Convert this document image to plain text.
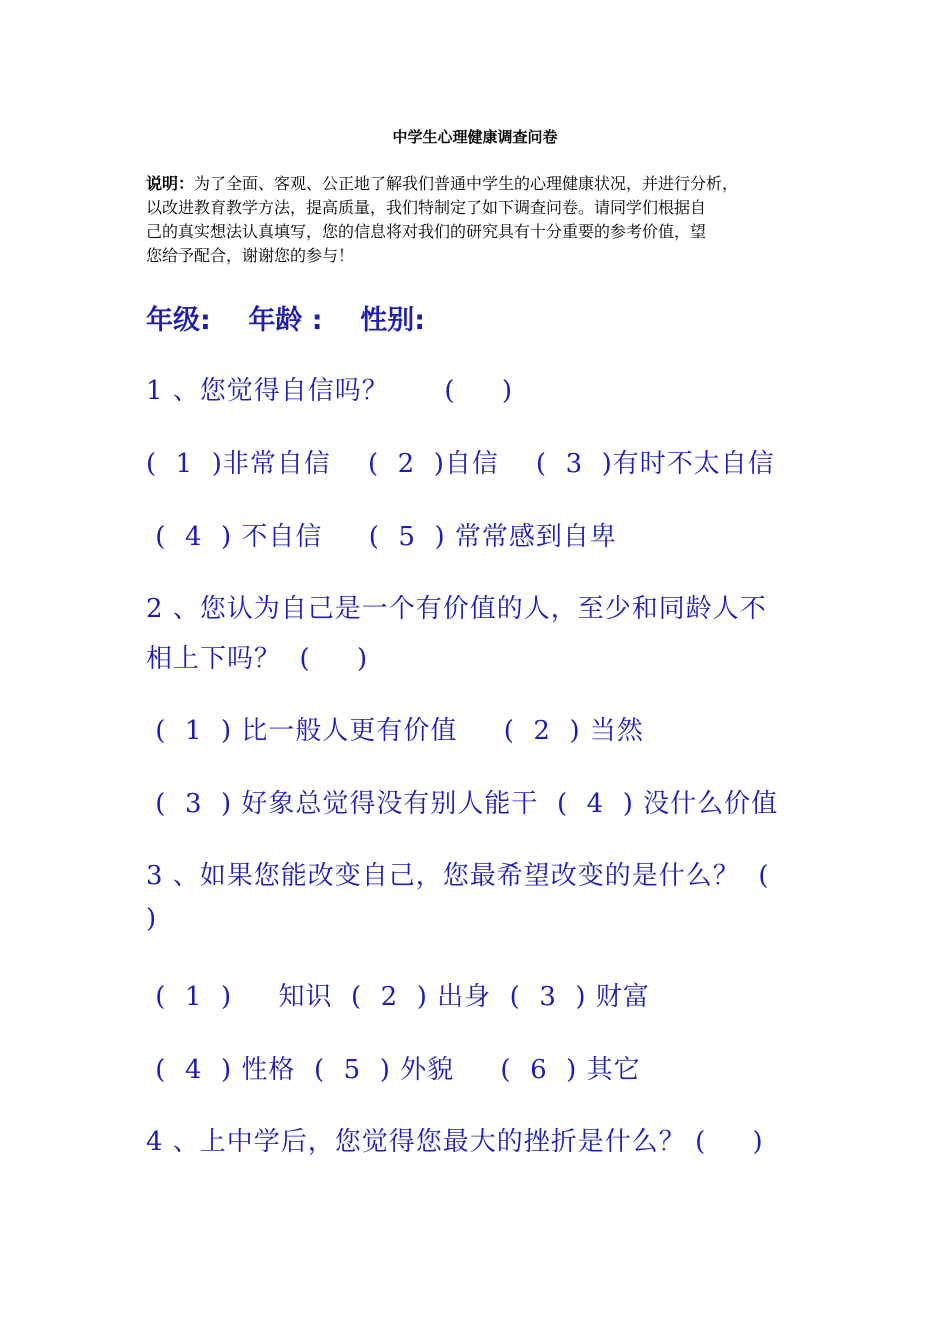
中学生心理健康调查问卷
说明：为了全面、客观、公正地了解我们普通中学生的心理健康状况，并进行分析，
以改进教育教学方法，提高质量，我们特制定了如下调查问卷。请同学们根据自
己的真实想法认真填写，您的信息将对我们的研究具有十分重要的参考价值，望
您给予配合，谢谢您的参与！
年级:    年龄 :    性别:
1 、您觉得自信吗？      (     )
(  1  )非常自信    (  2  )自信    (  3  )有时不太自信
(  4  ) 不自信     (  5  ) 常常感到自卑
2 、您认为自己是一个有价值的人，至少和同龄人不
相上下吗？  (     )
(  1  ) 比一般人更有价值     (  2  ) 当然
(  3  ) 好象总觉得没有别人能干  (  4  ) 没什么价值
3 、如果您能改变自己，您最希望改变的是什么？  (
)
(  1  )     知识  (  2  ) 出身  (  3  ) 财富
(  4  ) 性格  (  5  ) 外貌     (  6  ) 其它
4 、上中学后，您觉得您最大的挫折是什么？ (     )
